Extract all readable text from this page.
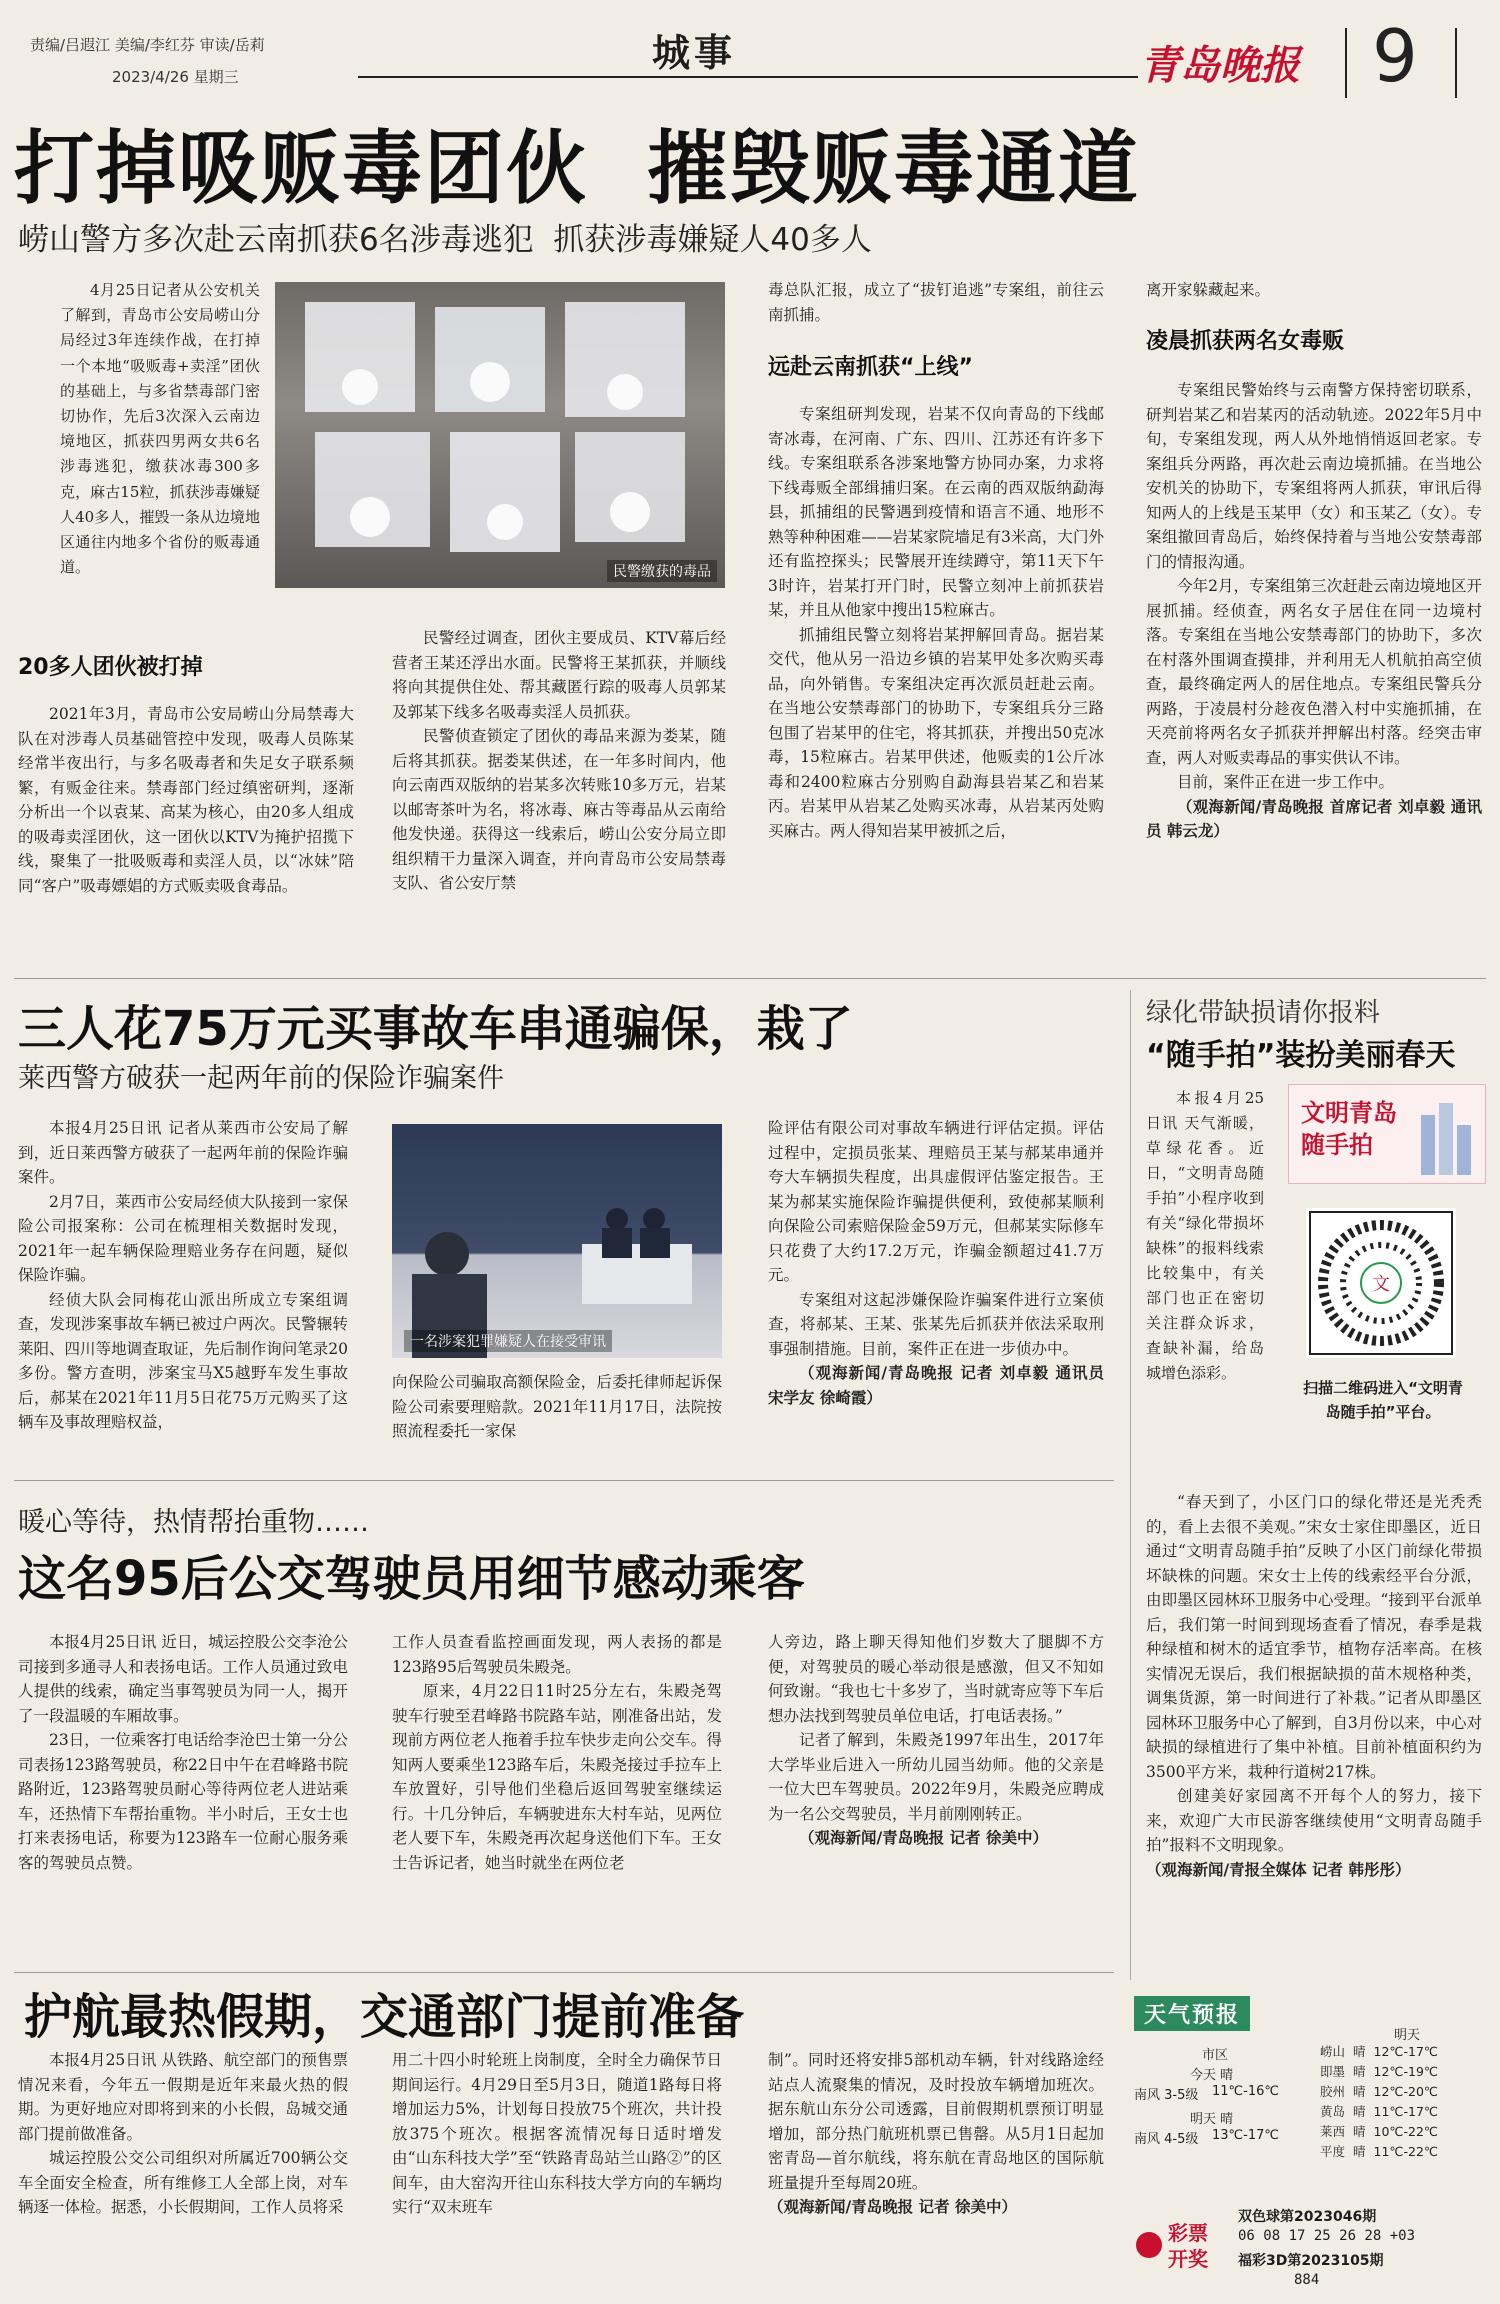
责编/吕遐江 美编/李红芬 审读/岳莉
2023/4/26 星期三
城事	青岛晚报 9
打掉吸贩毒团伙  摧毁贩毒通道
崂山警方多次赴云南抓获6名涉毒逃犯  抓获涉毒嫌疑人40多人

4月25日记者从公安机关了解到，青岛市公安局崂山分局经过3年连续作战，在打掉一个本地“吸贩毒+卖淫”团伙的基础上，与多省禁毒部门密切协作，先后3次深入云南边境地区，抓获四男两女共6名涉毒逃犯，缴获冰毒300多克，麻古15粒，抓获涉毒嫌疑人40多人，摧毁一条从边境地区通往内地多个省份的贩毒通道。	民警缴获的毒品
20多人团伙被打掉

2021年3月，青岛市公安局崂山分局禁毒大队在对涉毒人员基础管控中发现，吸毒人员陈某经常半夜出行，与多名吸毒者和失足女子联系频繁，有贩金往来。禁毒部门经过缜密研判，逐渐分析出一个以袁某、高某为核心，由20多人组成的吸毒卖淫团伙，这一团伙以KTV为掩护招揽下线，聚集了一批吸贩毒和卖淫人员，以“冰妹”陪同“客户”吸毒嫖娼的方式贩卖吸食毒品。

民警经过调查，团伙主要成员、KTV幕后经营者王某还浮出水面。民警将王某抓获，并顺线将向其提供住处、帮其藏匿行踪的吸毒人员郭某及郭某下线多名吸毒卖淫人员抓获。

民警侦查锁定了团伙的毒品来源为娄某，随后将其抓获。据娄某供述，在一年多时间内，他向云南西双版纳的岩某多次转账10多万元，岩某以邮寄茶叶为名，将冰毒、麻古等毒品从云南给他发快递。获得这一线索后，崂山公安分局立即组织精干力量深入调查，并向青岛市公安局禁毒支队、省公安厅禁

毒总队汇报，成立了“拔钉追逃”专案组，前往云南抓捕。

远赴云南抓获“上线”

专案组研判发现，岩某不仅向青岛的下线邮寄冰毒，在河南、广东、四川、江苏还有许多下线。专案组联系各涉案地警方协同办案，力求将下线毒贩全部缉捕归案。在云南的西双版纳勐海县，抓捕组的民警遇到疫情和语言不通、地形不熟等种种困难——岩某家院墙足有3米高，大门外还有监控探头；民警展开连续蹲守，第11天下午3时许，岩某打开门时，民警立刻冲上前抓获岩某，并且从他家中搜出15粒麻古。

抓捕组民警立刻将岩某押解回青岛。据岩某交代，他从另一沿边乡镇的岩某甲处多次购买毒品，向外销售。专案组决定再次派员赶赴云南。在当地公安禁毒部门的协助下，专案组兵分三路包围了岩某甲的住宅，将其抓获，并搜出50克冰毒，15粒麻古。岩某甲供述，他贩卖的1公斤冰毒和2400粒麻古分别购自勐海县岩某乙和岩某丙。岩某甲从岩某乙处购买冰毒，从岩某丙处购买麻古。两人得知岩某甲被抓之后，

离开家躲藏起来。

凌晨抓获两名女毒贩

专案组民警始终与云南警方保持密切联系，研判岩某乙和岩某丙的活动轨迹。2022年5月中旬，专案组发现，两人从外地悄悄返回老家。专案组兵分两路，再次赴云南边境抓捕。在当地公安机关的协助下，专案组将两人抓获，审讯后得知两人的上线是玉某甲（女）和玉某乙（女）。专案组撤回青岛后，始终保持着与当地公安禁毒部门的情报沟通。

今年2月，专案组第三次赶赴云南边境地区开展抓捕。经侦查，两名女子居住在同一边境村落。专案组在当地公安禁毒部门的协助下，多次在村落外围调查摸排，并利用无人机航拍高空侦查，最终确定两人的居住地点。专案组民警兵分两路，于凌晨村分趁夜色潜入村中实施抓捕，在天亮前将两名女子抓获并押解出村落。经突击审查，两人对贩卖毒品的事实供认不讳。

目前，案件正在进一步工作中。

（观海新闻/青岛晚报 首席记者 刘卓毅 通讯员 韩云龙）

三人花75万元买事故车串通骗保，栽了
莱西警方破获一起两年前的保险诈骗案件

本报4月25日讯 记者从莱西市公安局了解到，近日莱西警方破获了一起两年前的保险诈骗案件。

2月7日，莱西市公安局经侦大队接到一家保险公司报案称：公司在梳理相关数据时发现，2021年一起车辆保险理赔业务存在问题，疑似保险诈骗。

经侦大队会同梅花山派出所成立专案组调查，发现涉案事故车辆已被过户两次。民警辗转莱阳、四川等地调查取证，先后制作询问笔录20多份。警方查明，涉案宝马X5越野车发生事故后，郝某在2021年11月5日花75万元购买了这辆车及事故理赔权益，

一名涉案犯罪嫌疑人在接受审讯

向保险公司骗取高额保险金，后委托律师起诉保险公司索要理赔款。2021年11月17日，法院按照流程委托一家保

险评估有限公司对事故车辆进行评估定损。评估过程中，定损员张某、理赔员王某与郝某串通并夸大车辆损失程度，出具虚假评估鉴定报告。王某为郝某实施保险诈骗提供便利，致使郝某顺利向保险公司索赔保险金59万元，但郝某实际修车只花费了大约17.2万元，诈骗金额超过41.7万元。

专案组对这起涉嫌保险诈骗案件进行立案侦查，将郝某、王某、张某先后抓获并依法采取刑事强制措施。目前，案件正在进一步侦办中。

（观海新闻/青岛晚报 记者 刘卓毅 通讯员 宋学友 徐崎霞）

绿化带缺损请你报料
“随手拍”装扮美丽春天

本报4月25日讯 天气渐暖，草绿花香。近日，“文明青岛随手拍”小程序收到有关“绿化带损坏缺株”的报料线索比较集中，有关部门也正在密切关注群众诉求，查缺补漏，给岛城增色添彩。

文明青岛随手拍
文
扫描二维码进入“文明青岛随手拍”平台。

“春天到了，小区门口的绿化带还是光秃秃的，看上去很不美观。”宋女士家住即墨区，近日通过“文明青岛随手拍”反映了小区门前绿化带损坏缺株的问题。宋女士上传的线索经平台分派，由即墨区园林环卫服务中心受理。“接到平台派单后，我们第一时间到现场查看了情况，春季是栽种绿植和树木的适宜季节，植物存活率高。在核实情况无误后，我们根据缺损的苗木规格种类，调集货源，第一时间进行了补栽。”记者从即墨区园林环卫服务中心了解到，自3月份以来，中心对缺损的绿植进行了集中补植。目前补植面积约为3500平方米，栽种行道树217株。

创建美好家园离不开每个人的努力，接下来，欢迎广大市民游客继续使用“文明青岛随手拍”报料不文明现象。

（观海新闻/青报全媒体 记者 韩彤彤）

暖心等待，热情帮抬重物……
这名95后公交驾驶员用细节感动乘客

本报4月25日讯 近日，城运控股公交李沧公司接到多通寻人和表扬电话。工作人员通过致电人提供的线索，确定当事驾驶员为同一人，揭开了一段温暖的车厢故事。

23日，一位乘客打电话给李沧巴士第一分公司表扬123路驾驶员，称22日中午在君峰路书院路附近，123路驾驶员耐心等待两位老人进站乘车，还热情下车帮抬重物。半小时后，王女士也打来表扬电话，称要为123路车一位耐心服务乘客的驾驶员点赞。

工作人员查看监控画面发现，两人表扬的都是123路95后驾驶员朱殿尧。

原来，4月22日11时25分左右，朱殿尧驾驶车行驶至君峰路书院路车站，刚准备出站，发现前方两位老人拖着手拉车快步走向公交车。得知两人要乘坐123路车后，朱殿尧接过手拉车上车放置好，引导他们坐稳后返回驾驶室继续运行。十几分钟后，车辆驶进东大村车站，见两位老人要下车，朱殿尧再次起身送他们下车。王女士告诉记者，她当时就坐在两位老

人旁边，路上聊天得知他们岁数大了腿脚不方便，对驾驶员的暖心举动很是感激，但又不知如何致谢。“我也七十多岁了，当时就寄应等下车后想办法找到驾驶员单位电话，打电话表扬。”

记者了解到，朱殿尧1997年出生，2017年大学毕业后进入一所幼儿园当幼师。他的父亲是一位大巴车驾驶员。2022年9月，朱殿尧应聘成为一名公交驾驶员，半月前刚刚转正。

（观海新闻/青岛晚报 记者 徐美中）

护航最热假期，交通部门提前准备

本报4月25日讯 从铁路、航空部门的预售票情况来看，今年五一假期是近年来最火热的假期。为更好地应对即将到来的小长假，岛城交通部门提前做准备。

城运控股公交公司组织对所属近700辆公交车全面安全检查，所有维修工人全部上岗，对车辆逐一体检。据悉，小长假期间，工作人员将采

用二十四小时轮班上岗制度，全时全力确保节日期间运行。4月29日至5月3日，随道1路每日将增加运力5%，计划每日投放75个班次，共计投放375个班次。根据客流情况每日适时增发由“山东科技大学”至“铁路青岛站兰山路②”的区间车，由大窑沟开往山东科技大学方向的车辆均实行“双末班车

制”。同时还将安排5部机动车辆，针对线路途经站点人流聚集的情况，及时投放车辆增加班次。据东航山东分公司透露，目前假期机票预订明显增加，部分热门航班机票已售罄。从5月1日起加密青岛—首尔航线，将东航在青岛地区的国际航班量提升至每周20班。

（观海新闻/青岛晚报 记者 徐美中）

天气预报
市区
今天 晴
南风 3-5级 11℃-16℃
明天 晴
南风 4-5级 13℃-17℃
明天
崂山	晴	12℃-17℃
即墨	晴	12℃-19℃
胶州	晴	12℃-20℃
黄岛	晴	11℃-17℃
莱西	晴	10℃-22℃
平度	晴	11℃-22℃
彩票开奖
双色球第2023046期
06 08 17 25 26 28 +03
福彩3D第2023105期
884
